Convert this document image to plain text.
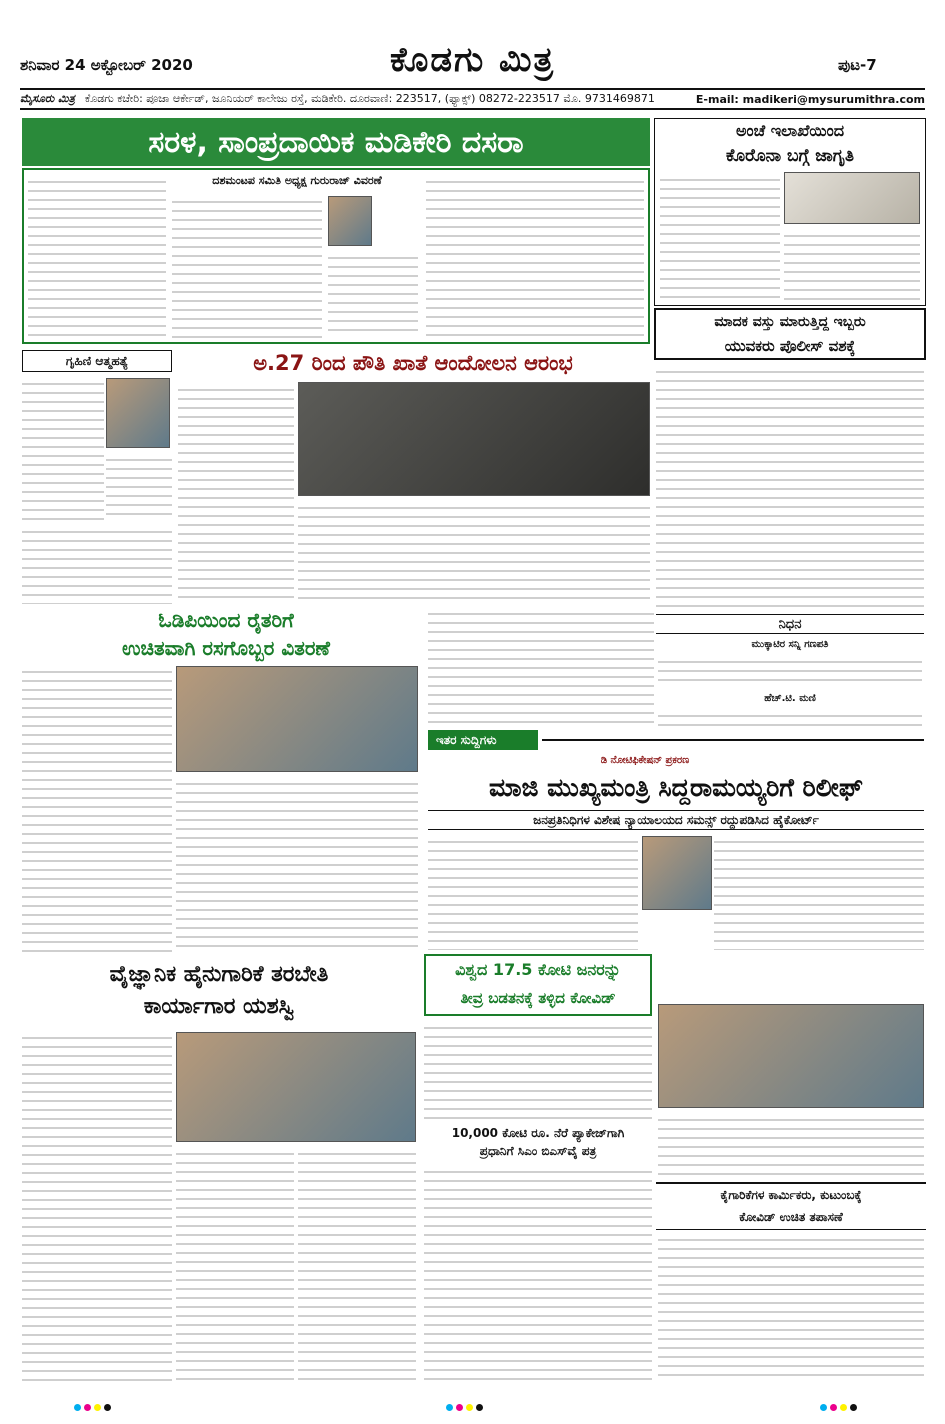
ಶನಿವಾರ 24 ಅಕ್ಟೋಬರ್ 2020	ಕೊಡಗು ಮಿತ್ರ	ಪುಟ-7
ಮೈಸೂರು ಮಿತ್ರ ಕೊಡಗು ಕಚೇರಿ: ಪೂಜಾ ಆರ್ಕೇಡ್, ಜೂನಿಯರ್ ಕಾಲೇಜು ರಸ್ತೆ, ಮಡಿಕೇರಿ. ದೂರವಾಣಿ: 223517, (ಫ್ಯಾಕ್ಸ್) 08272-223517 ಮೊ. 9731469871	E-mail: madikeri@mysurumithra.com
ಸರಳ, ಸಾಂಪ್ರದಾಯಿಕ ಮಡಿಕೇರಿ ದಸರಾ
ದಶಮಂಟಪ ಸಮಿತಿ ಅಧ್ಯಕ್ಷ ಗುರುರಾಜ್ ವಿವರಣೆ
ಅಂಚೆ ಇಲಾಖೆಯಿಂದ
ಕೊರೊನಾ ಬಗ್ಗೆ ಜಾಗೃತಿ
ಮಾದಕ ವಸ್ತು ಮಾರುತ್ತಿದ್ದ ಇಬ್ಬರು
ಯುವಕರು ಪೊಲೀಸ್ ವಶಕ್ಕೆ
ಗೃಹಿಣಿ ಆತ್ಮಹತ್ಯೆ	ಅ.27 ರಿಂದ ಪೌತಿ ಖಾತೆ ಆಂದೋಲನ ಆರಂಭ
ಓಡಿಪಿಯಿಂದ ರೈತರಿಗೆ
ಉಚಿತವಾಗಿ ರಸಗೊಬ್ಬರ ವಿತರಣೆ
ನಿಧನ
ಮುಕ್ಕಾಟಿರ ಸನ್ನಿ ಗಣಪತಿ
ಹೆಚ್.ಟಿ. ಮಣಿ
ಇತರ ಸುದ್ದಿಗಳು
ಡಿ ನೋಟಿಫಿಕೇಷನ್ ಪ್ರಕರಣ
ಮಾಜಿ ಮುಖ್ಯಮಂತ್ರಿ ಸಿದ್ದರಾಮಯ್ಯರಿಗೆ ರಿಲೀಫ್
ಜನಪ್ರತಿನಿಧಿಗಳ ವಿಶೇಷ ನ್ಯಾಯಾಲಯದ ಸಮನ್ಸ್ ರದ್ದುಪಡಿಸಿದ ಹೈಕೋರ್ಟ್
ವೈಜ್ಞಾನಿಕ ಹೈನುಗಾರಿಕೆ ತರಬೇತಿ
ಕಾರ್ಯಾಗಾರ ಯಶಸ್ವಿ
ವಿಶ್ವದ 17.5 ಕೋಟಿ ಜನರನ್ನು
ತೀವ್ರ ಬಡತನಕ್ಕೆ ತಳ್ಳಿದ ಕೋವಿಡ್
10,000 ಕೋಟಿ ರೂ. ನೆರೆ ಪ್ಯಾಕೇಜ್‌ಗಾಗಿ
ಪ್ರಧಾನಿಗೆ ಸಿಎಂ ಬಿಎಸ್‌ವೈ ಪತ್ರ
ಕೈಗಾರಿಕೆಗಳ ಕಾರ್ಮಿಕರು, ಕುಟುಂಬಕ್ಕೆ
ಕೋವಿಡ್ ಉಚಿತ ತಪಾಸಣೆ
